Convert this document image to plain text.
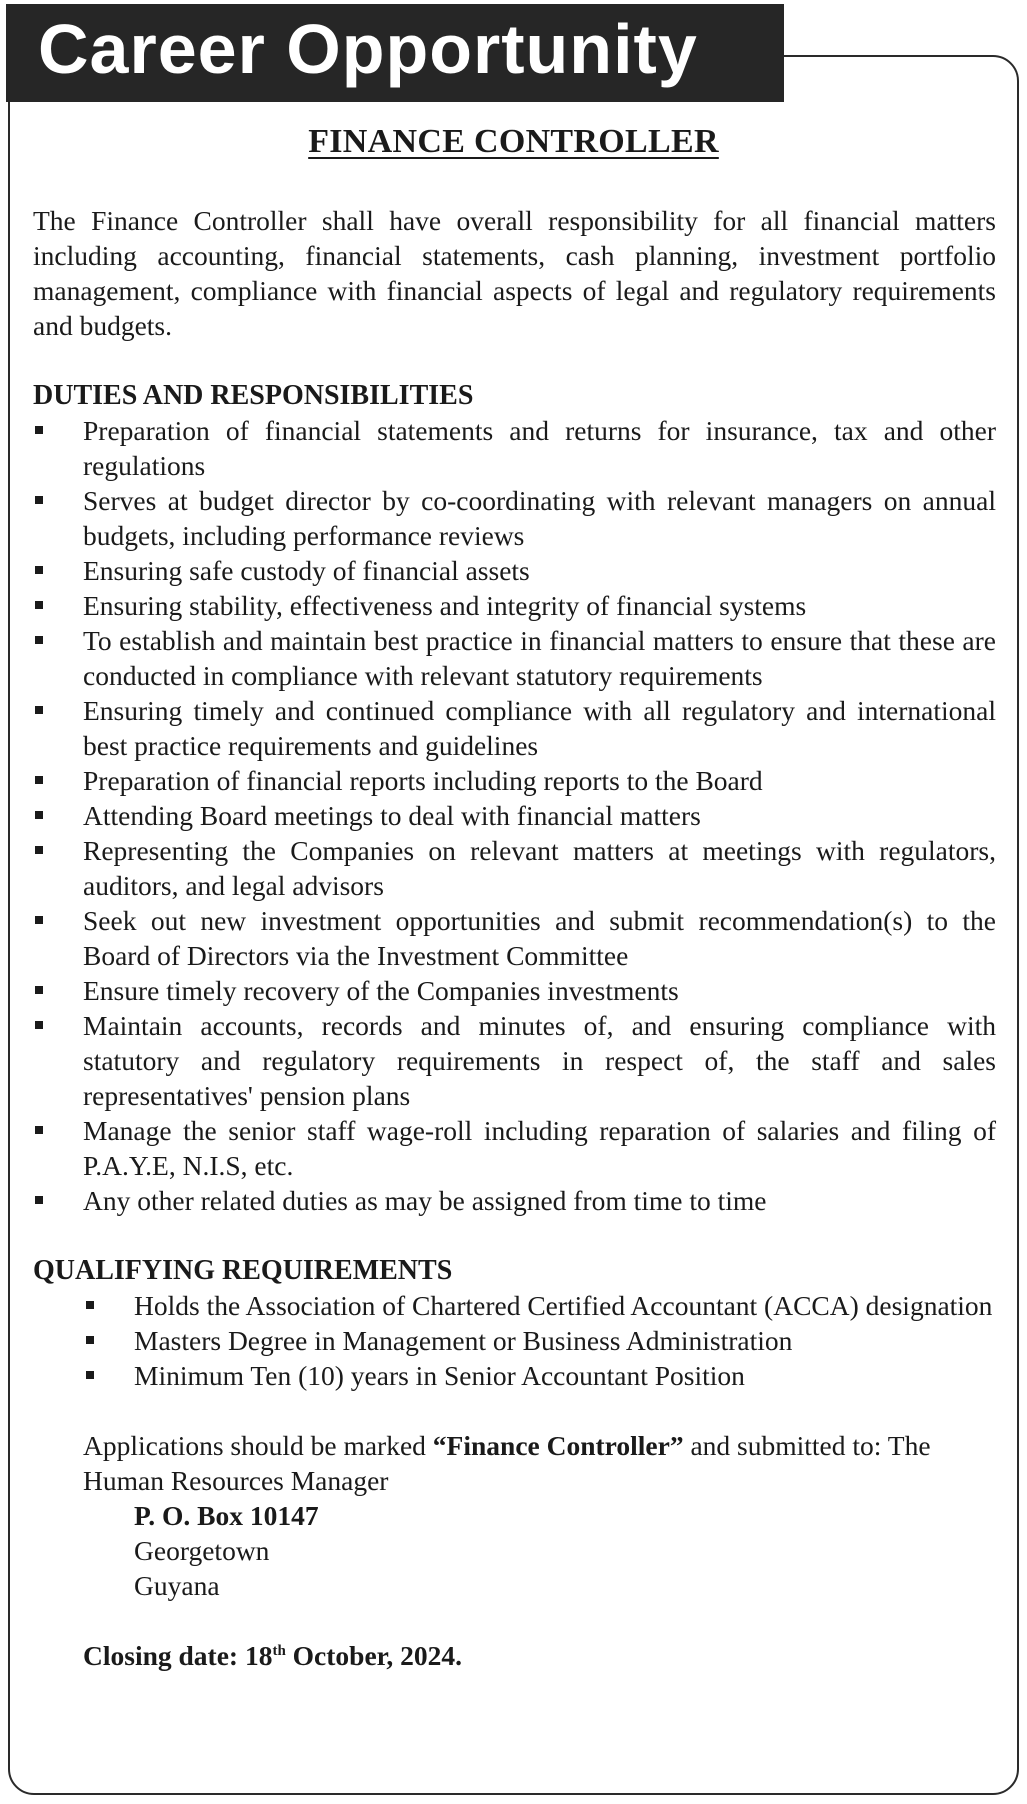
Career Opportunity
FINANCE CONTROLLER

The Finance Controller shall have overall responsibility for all financial matters including accounting, financial statements, cash planning, investment portfolio management, compliance with financial aspects of legal and regulatory requirements and budgets.

DUTIES AND RESPONSIBILITIES
Preparation of financial statements and returns for insurance, tax and other regulations
Serves at budget director by co-coordinating with relevant managers on annual budgets, including performance reviews
Ensuring safe custody of financial assets
Ensuring stability, effectiveness and integrity of financial systems
To establish and maintain best practice in financial matters to ensure that these are conducted in compliance with relevant statutory requirements
Ensuring timely and continued compliance with all regulatory and international best practice requirements and guidelines
Preparation of financial reports including reports to the Board
Attending Board meetings to deal with financial matters
Representing the Companies on relevant matters at meetings with regulators, auditors, and legal advisors
Seek out new investment opportunities and submit recommendation(s) to the Board of Directors via the Investment Committee
Ensure timely recovery of the Companies investments
Maintain accounts, records and minutes of, and ensuring compliance with statutory and regulatory requirements in respect of, the staff and sales representatives' pension plans
Manage the senior staff wage-roll including reparation of salaries and filing of P.A.Y.E, N.I.S, etc.
Any other related duties as may be assigned from time to time
QUALIFYING REQUIREMENTS
Holds the Association of Chartered Certified Accountant (ACCA) designation
Masters Degree in Management or Business Administration
Minimum Ten (10) years in Senior Accountant Position

Applications should be marked “Finance Controller” and submitted to: The Human Resources Manager

P. O. Box 10147
Georgetown
Guyana
Closing date: 18th October, 2024.
